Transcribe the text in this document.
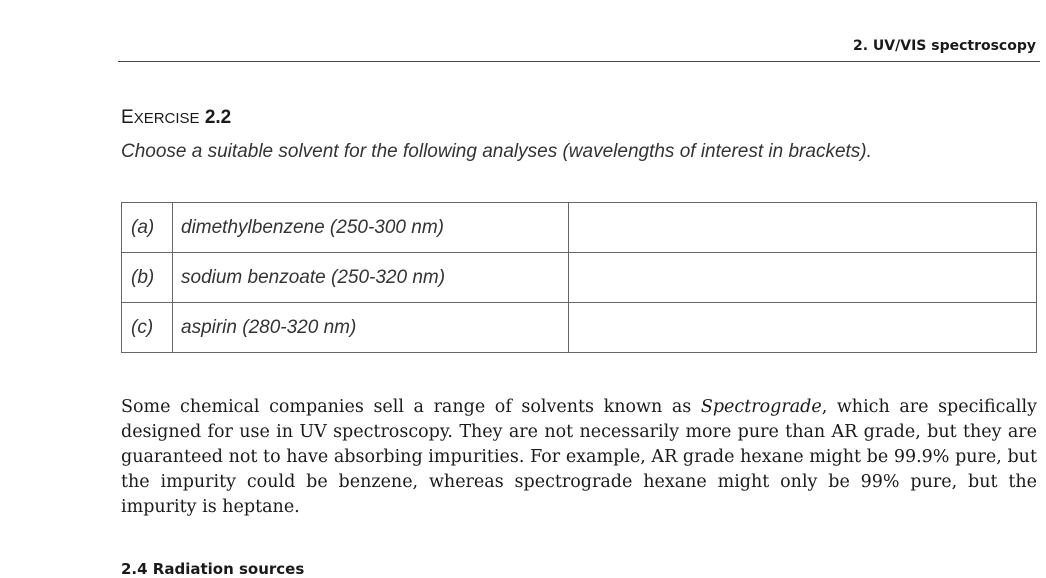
2. UV/VIS spectroscopy
EXERCISE 2.2
Choose a suitable solvent for the following analyses (wavelengths of interest in brackets).
(a)	dimethylbenzene (250-300 nm)	
(b)	sodium benzoate (250-320 nm)	
(c)	aspirin (280-320 nm)	

Some chemical companies sell a range of solvents known as Spectrograde, which are specifically designed for use in UV spectroscopy. They are not necessarily more pure than AR grade, but they are guaranteed not to have absorbing impurities. For example, AR grade hexane might be 99.9% pure, but the impurity could be benzene, whereas spectrograde hexane might only be 99% pure, but the impurity is heptane.

2.4 Radiation sources
